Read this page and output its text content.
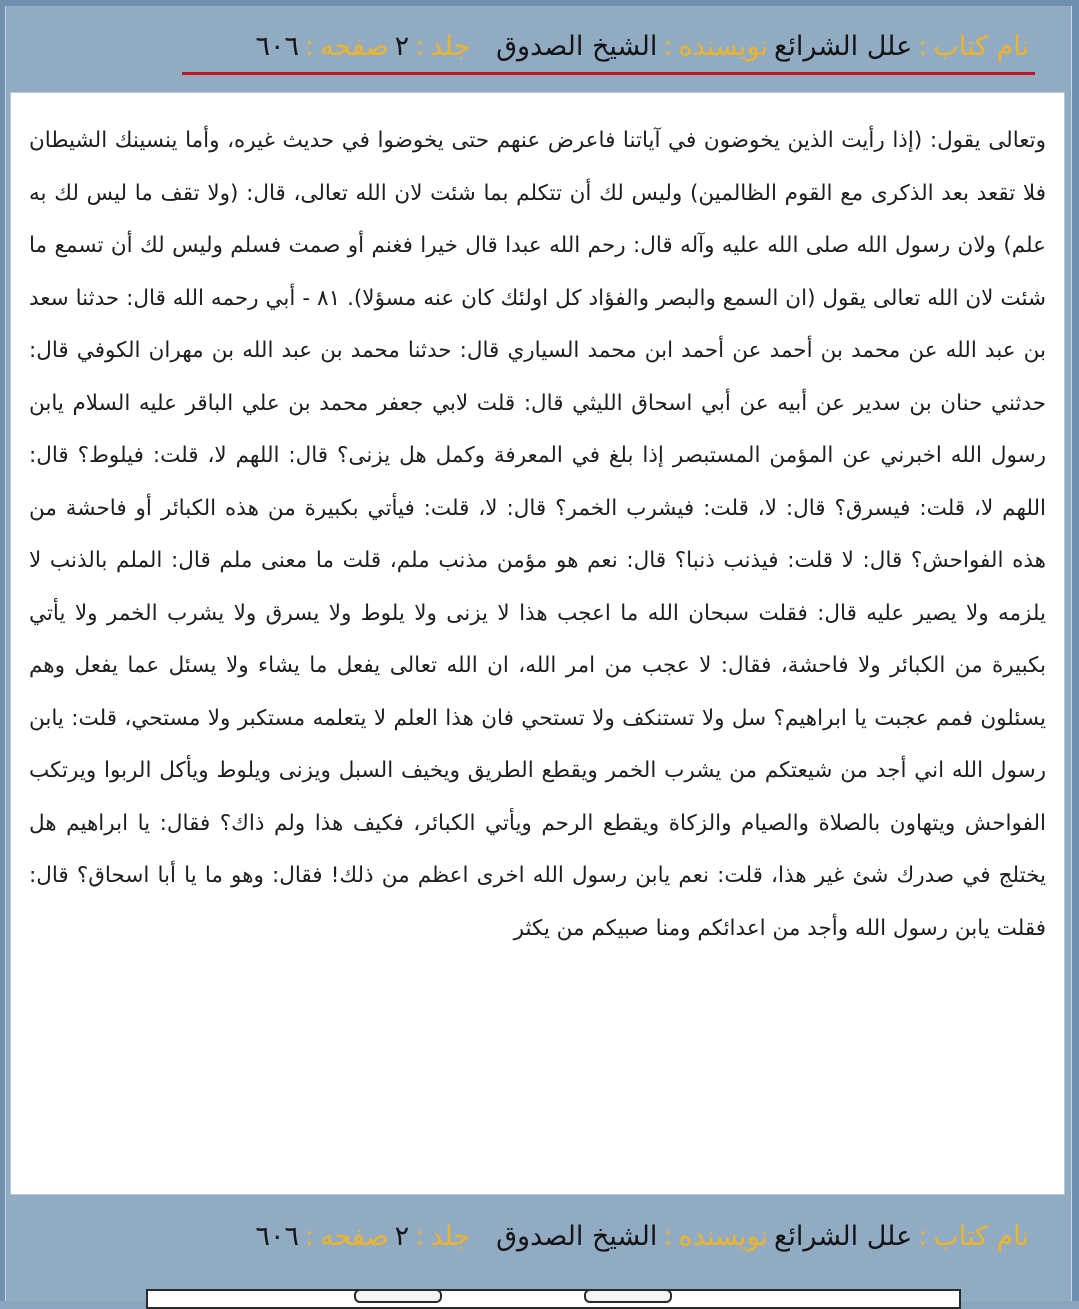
نام کتاب:علل الشرائعنویسنده:الشيخ الصدوقجلد:٢صفحه:٦٠٦
وتعالى يقول: (إذا رأيت الذين يخوضون في آياتنا فاعرض عنهم حتى يخوضوا في حديث غيره، وأما ينسينك الشيطان فلا تقعد بعد الذكرى مع القوم الظالمين) وليس لك أن تتكلم بما شئت لان الله تعالى، قال: (ولا تقف ما ليس لك به علم) ولان رسول الله صلى الله عليه وآله قال: رحم الله عبدا قال خيرا فغنم أو صمت فسلم وليس لك أن تسمع ما شئت لان الله تعالى يقول (ان السمع والبصر والفؤاد كل اولئك كان عنه مسؤلا). ٨١ - أبي رحمه الله قال: حدثنا سعد بن عبد الله عن محمد بن أحمد عن أحمد ابن محمد السياري قال: حدثنا محمد بن عبد الله بن مهران الكوفي قال: حدثني حنان بن سدير عن أبيه عن أبي اسحاق الليثي قال: قلت لابي جعفر محمد بن علي الباقر عليه السلام يابن رسول الله اخبرني عن المؤمن المستبصر إذا بلغ في المعرفة وكمل هل يزنى؟ قال: اللهم لا، قلت: فيلوط؟ قال: اللهم لا، قلت: فيسرق؟ قال: لا، قلت: فيشرب الخمر؟ قال: لا، قلت: فيأتي بكبيرة من هذه الكبائر أو فاحشة من هذه الفواحش؟ قال: لا قلت: فيذنب ذنبا؟ قال: نعم هو مؤمن مذنب ملم، قلت ما معنى ملم قال: الملم بالذنب لا يلزمه ولا يصير عليه قال: فقلت سبحان الله ما اعجب هذا لا يزنى ولا يلوط ولا يسرق ولا يشرب الخمر ولا يأتي بكبيرة من الكبائر ولا فاحشة، فقال: لا عجب من امر الله، ان الله تعالى يفعل ما يشاء ولا يسئل عما يفعل وهم يسئلون فمم عجبت يا ابراهيم؟ سل ولا تستنكف ولا تستحي فان هذا العلم لا يتعلمه مستكبر ولا مستحي، قلت: يابن رسول الله اني أجد من شيعتكم من يشرب الخمر ويقطع الطريق ويخيف السبل ويزنى ويلوط ويأكل الربوا ويرتكب الفواحش ويتهاون بالصلاة والصيام والزكاة ويقطع الرحم ويأتي الكبائر، فكيف هذا ولم ذاك؟ فقال: يا ابراهيم هل يختلج في صدرك شئ غير هذا، قلت: نعم يابن رسول الله اخرى اعظم من ذلك! فقال: وهو ما يا أبا اسحاق؟ قال: فقلت يابن رسول الله وأجد من اعدائكم ومنا صبيكم من يكثر
نام کتاب:علل الشرائعنویسنده:الشيخ الصدوقجلد:٢صفحه:٦٠٦
